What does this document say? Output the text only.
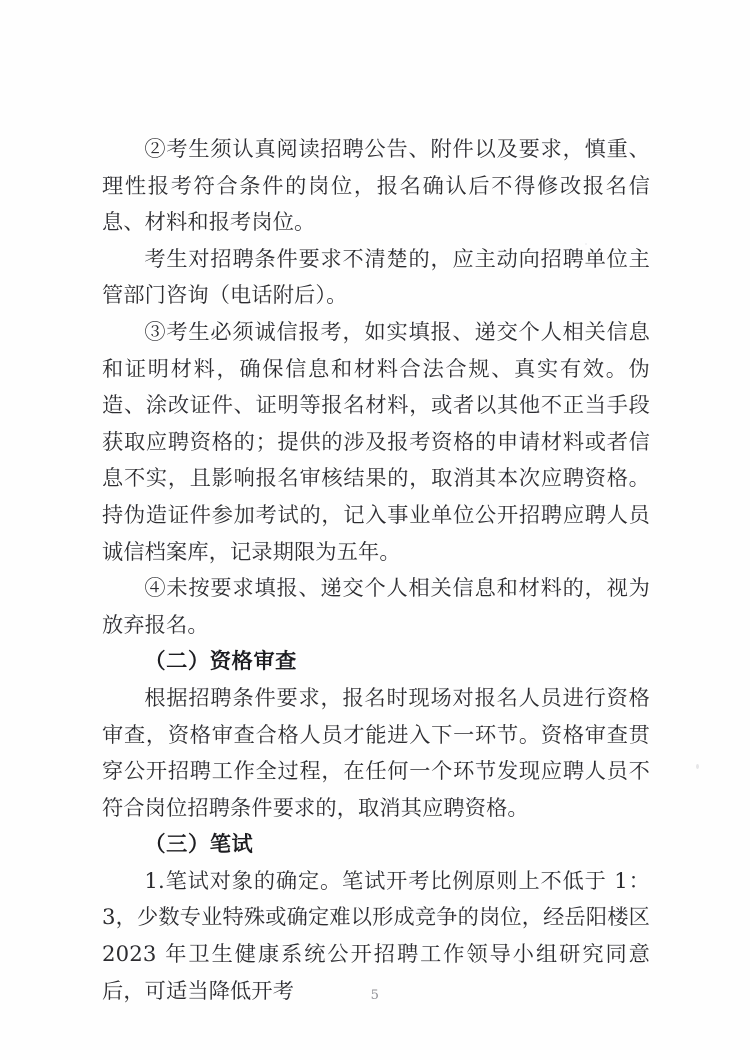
②考生须认真阅读招聘公告、附件以及要求，慎重、理性报考符合条件的岗位，报名确认后不得修改报名信息、材料和报考岗位。

考生对招聘条件要求不清楚的，应主动向招聘单位主管部门咨询（电话附后）。

③考生必须诚信报考，如实填报、递交个人相关信息和证明材料，确保信息和材料合法合规、真实有效。伪造、涂改证件、证明等报名材料，或者以其他不正当手段获取应聘资格的；提供的涉及报考资格的申请材料或者信息不实，且影响报名审核结果的，取消其本次应聘资格。持伪造证件参加考试的，记入事业单位公开招聘应聘人员诚信档案库，记录期限为五年。

④未按要求填报、递交个人相关信息和材料的，视为放弃报名。

（二）资格审查

根据招聘条件要求，报名时现场对报名人员进行资格审查，资格审查合格人员才能进入下一环节。资格审查贯穿公开招聘工作全过程，在任何一个环节发现应聘人员不符合岗位招聘条件要求的，取消其应聘资格。

（三）笔试

1.笔试对象的确定。笔试开考比例原则上不低于 1：3，少数专业特殊或确定难以形成竞争的岗位，经岳阳楼区 2023 年卫生健康系统公开招聘工作领导小组研究同意后，可适当降低开考	5
